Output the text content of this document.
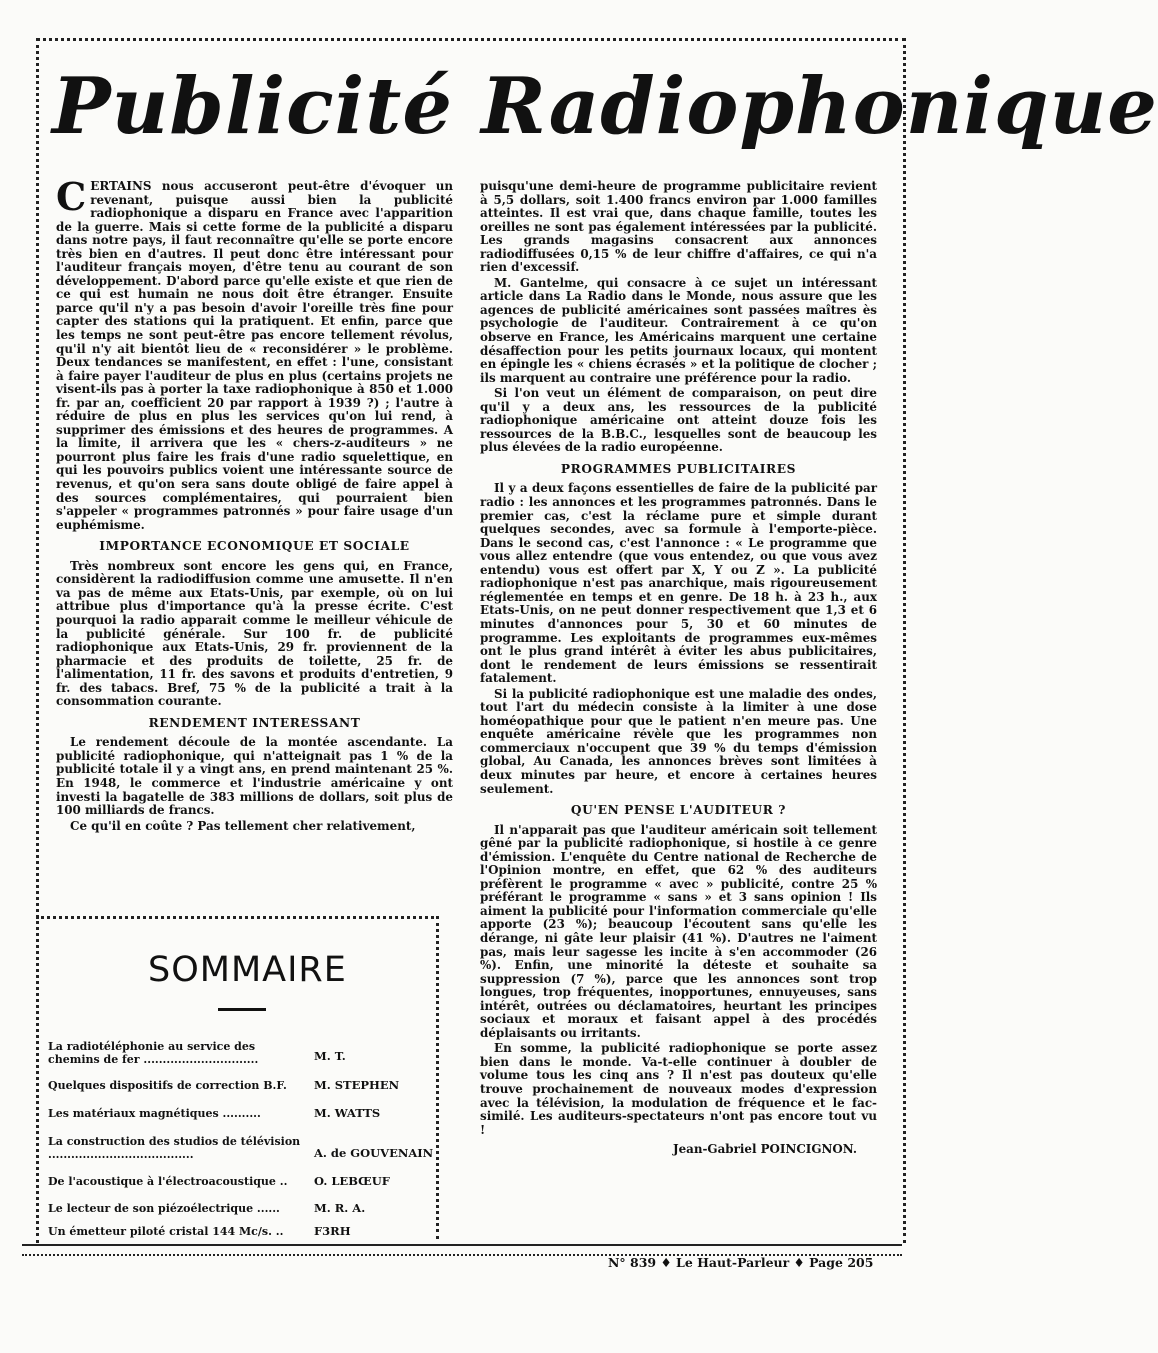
Publicité Radiophonique

CERTAINS nous accuseront peut-être d'évoquer un revenant, puisque aussi bien la publicité radiophonique a disparu en France avec l'apparition de la guerre. Mais si cette forme de la publicité a disparu dans notre pays, il faut reconnaître qu'elle se porte encore très bien en d'autres. Il peut donc être intéressant pour l'auditeur français moyen, d'être tenu au courant de son développement. D'abord parce qu'elle existe et que rien de ce qui est humain ne nous doit être étranger. Ensuite parce qu'il n'y a pas besoin d'avoir l'oreille très fine pour capter des stations qui la pratiquent. Et enfin, parce que les temps ne sont peut-être pas encore tellement révolus, qu'il n'y ait bientôt lieu de « reconsidérer » le problème. Deux tendances se manifestent, en effet : l'une, consistant à faire payer l'auditeur de plus en plus (certains projets ne visent-ils pas à porter la taxe radiophonique à 850 et 1.000 fr. par an, coefficient 20 par rapport à 1939 ?) ; l'autre à réduire de plus en plus les services qu'on lui rend, à supprimer des émissions et des heures de programmes. A la limite, il arrivera que les « chers-z-auditeurs » ne pourront plus faire les frais d'une radio squelettique, en qui les pouvoirs publics voient une intéressante source de revenus, et qu'on sera sans doute obligé de faire appel à des sources complémentaires, qui pourraient bien s'appeler « programmes patronnés » pour faire usage d'un euphémisme.

IMPORTANCE ECONOMIQUE ET SOCIALE

Très nombreux sont encore les gens qui, en France, considèrent la radiodiffusion comme une amusette. Il n'en va pas de même aux Etats-Unis, par exemple, où on lui attribue plus d'importance qu'à la presse écrite. C'est pourquoi la radio apparait comme le meilleur véhicule de la publicité générale. Sur 100 fr. de publicité radiophonique aux Etats-Unis, 29 fr. proviennent de la pharmacie et des produits de toilette, 25 fr. de l'alimentation, 11 fr. des savons et produits d'entretien, 9 fr. des tabacs. Bref, 75 % de la publicité a trait à la consommation courante.

RENDEMENT INTERESSANT

Le rendement découle de la montée ascendante. La publicité radiophonique, qui n'atteignait pas 1 % de la publicité totale il y a vingt ans, en prend maintenant 25 %. En 1948, le commerce et l'industrie américaine y ont investi la bagatelle de 383 millions de dollars, soit plus de 100 milliards de francs.

Ce qu'il en coûte ? Pas tellement cher relativement,

puisqu'une demi-heure de programme publicitaire revient à 5,5 dollars, soit 1.400 francs environ par 1.000 familles atteintes. Il est vrai que, dans chaque famille, toutes les oreilles ne sont pas également intéressées par la publicité. Les grands magasins consacrent aux annonces radiodiffusées 0,15 % de leur chiffre d'affaires, ce qui n'a rien d'excessif.

M. Gantelme, qui consacre à ce sujet un intéressant article dans La Radio dans le Monde, nous assure que les agences de publicité américaines sont passées maîtres ès psychologie de l'auditeur. Contrairement à ce qu'on observe en France, les Américains marquent une certaine désaffection pour les petits journaux locaux, qui montent en épingle les « chiens écrasés » et la politique de clocher ; ils marquent au contraire une préférence pour la radio.

Si l'on veut un élément de comparaison, on peut dire qu'il y a deux ans, les ressources de la publicité radiophonique américaine ont atteint douze fois les ressources de la B.B.C., lesquelles sont de beaucoup les plus élevées de la radio européenne.

PROGRAMMES PUBLICITAIRES

Il y a deux façons essentielles de faire de la publicité par radio : les annonces et les programmes patronnés. Dans le premier cas, c'est la réclame pure et simple durant quelques secondes, avec sa formule à l'emporte-pièce. Dans le second cas, c'est l'annonce : « Le programme que vous allez entendre (que vous entendez, ou que vous avez entendu) vous est offert par X, Y ou Z ». La publicité radiophonique n'est pas anarchique, mais rigoureusement réglementée en temps et en genre. De 18 h. à 23 h., aux Etats-Unis, on ne peut donner respectivement que 1,3 et 6 minutes d'annonces pour 5, 30 et 60 minutes de programme. Les exploitants de programmes eux-mêmes ont le plus grand intérêt à éviter les abus publicitaires, dont le rendement de leurs émissions se ressentirait fatalement.

Si la publicité radiophonique est une maladie des ondes, tout l'art du médecin consiste à la limiter à une dose homéopathique pour que le patient n'en meure pas. Une enquête américaine révèle que les programmes non commerciaux n'occupent que 39 % du temps d'émission global, Au Canada, les annonces brèves sont limitées à deux minutes par heure, et encore à certaines heures seulement.

QU'EN PENSE L'AUDITEUR ?

Il n'apparait pas que l'auditeur américain soit tellement gêné par la publicité radiophonique, si hostile à ce genre d'émission. L'enquête du Centre national de Recherche de l'Opinion montre, en effet, que 62 % des auditeurs préfèrent le programme « avec » publicité, contre 25 % préférant le programme « sans » et 3 sans opinion ! Ils aiment la publicité pour l'information commerciale qu'elle apporte (23 %); beaucoup l'écoutent sans qu'elle les dérange, ni gâte leur plaisir (41 %). D'autres ne l'aiment pas, mais leur sagesse les incite à s'en accommoder (26 %). Enfin, une minorité la déteste et souhaite sa suppression (7 %), parce que les annonces sont trop longues, trop fréquentes, inopportunes, ennuyeuses, sans intérêt, outrées ou déclamatoires, heurtant les principes sociaux et moraux et faisant appel à des procédés déplaisants ou irritants.

En somme, la publicité radiophonique se porte assez bien dans le monde. Va-t-elle continuer à doubler de volume tous les cinq ans ? Il n'est pas douteux qu'elle trouve prochainement de nouveaux modes d'expression avec la télévision, la modulation de fréquence et le fac-similé. Les auditeurs-spectateurs n'ont pas encore tout vu !

Jean-Gabriel POINCIGNON.
SOMMAIRE
La radiotéléphonie au service des chemins de fer ..............................	M. T.
Quelques dispositifs de correction B.F. M. STEPHEN
Les matériaux magnétiques ..........	M. WATTS
La construction des studios de télévision ......................................	A. de GOUVENAIN
De l'acoustique à l'électroacoustique .. O. LEBŒUF
Le lecteur de son piézoélectrique ......	M. R. A.
Un émetteur piloté cristal 144 Mc/s. ..	F3RH
N° 839 ♦ Le Haut-Parleur ♦ Page 205
